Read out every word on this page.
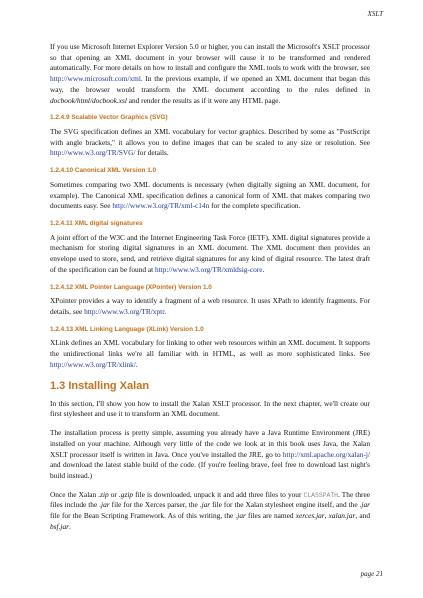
XSLT

If you use Microsoft Internet Explorer Version 5.0 or higher, you can install the Microsoft's XSLT processor so that opening an XML document in your browser will cause it to be transformed and rendered automatically. For more details on how to install and configure the XML tools to work with the browser, see http://www.microsoft.com/xml. In the previous example, if we opened an XML document that began this way, the browser would transform the XML document according to the rules defined in docbook/html/docbook.xsl and render the results as if it were any HTML page.

1.2.4.9 Scalable Vector Graphics (SVG)

The SVG specification defines an XML vocabulary for vector graphics. Described by some as "PostScript with angle brackets," it allows you to define images that can be scaled to any size or resolution. See http://www.w3.org/TR/SVG/ for details.

1.2.4.10 Canonical XML Version 1.0

Sometimes comparing two XML documents is necessary (when digitally signing an XML document, for example). The Canonical XML specification defines a canonical form of XML that makes comparing two documents easy. See http://www.w3.org/TR/xml-c14n for the complete specification.

1.2.4.11 XML digital signatures

A joint effort of the W3C and the Internet Engineering Task Force (IETF), XML digital signatures provide a mechanism for storing digital signatures in an XML document. The XML document then provides an envelope used to store, send, and retrieve digital signatures for any kind of digital resource. The latest draft of the specification can be found at http://www.w3.org/TR/xmldsig-core.

1.2.4.12 XML Pointer Language (XPointer) Version 1.0

XPointer provides a way to identify a fragment of a web resource. It uses XPath to identify fragments. For details, see http://www.w3.org/TR/xptr.

1.2.4.13 XML Linking Language (XLink) Version 1.0

XLink defines an XML vocabulary for linking to other web resources within an XML document. It supports the unidirectional links we're all familiar with in HTML, as well as more sophisticated links. See http://www.w3.org/TR/xlink/.

1.3 Installing Xalan

In this section, I'll show you how to install the Xalan XSLT processor. In the next chapter, we'll create our first stylesheet and use it to transform an XML document.

The installation process is pretty simple, assuming you already have a Java Runtime Environment (JRE) installed on your machine. Although very little of the code we look at in this book uses Java, the Xalan XSLT processor itself is written in Java. Once you've installed the JRE, go to http://xml.apache.org/xalan-j/ and download the latest stable build of the code. (If you're feeling brave, feel free to download last night's build instead.)

Once the Xalan .zip or .gzip file is downloaded, unpack it and add three files to your CLASSPATH. The three files include the .jar file for the Xerces parser, the .jar file for the Xalan stylesheet engine itself, and the .jar file for the Bean Scripting Framework. As of this writing, the .jar files are named xerces.jar, xalan.jar, and bsf.jar.

page 21
